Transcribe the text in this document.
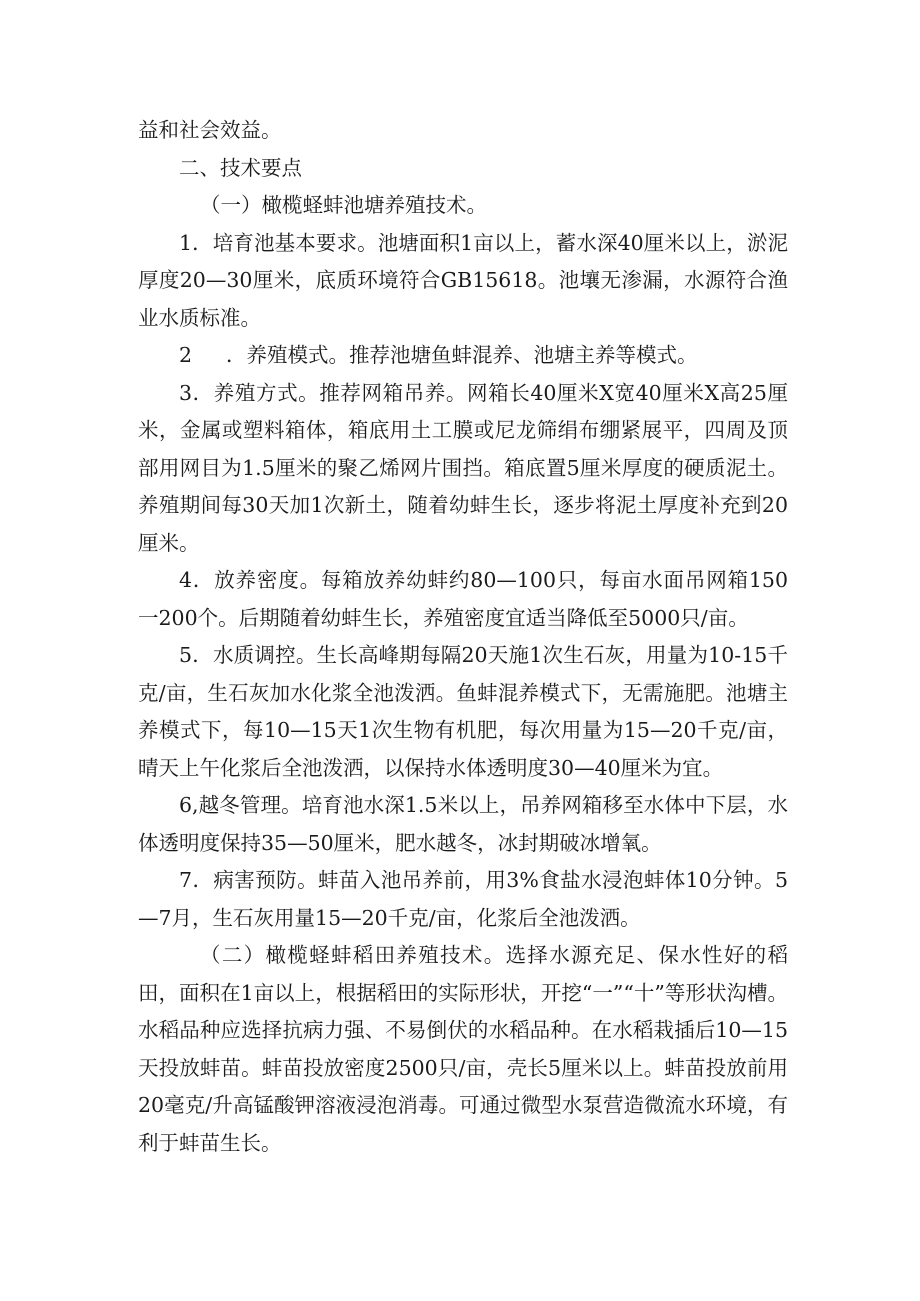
益和社会效益。

二、技术要点

（一）橄榄蛏蚌池塘养殖技术。

1．培育池基本要求。池塘面积1亩以上，蓄水深40厘米以上，淤泥厚度20—30厘米，底质环境符合GB15618。池壤无渗漏，水源符合渔业水质标准。

2 ．养殖模式。推荐池塘鱼蚌混养、池塘主养等模式。

3．养殖方式。推荐网箱吊养。网箱长40厘米X宽40厘米X高25厘米，金属或塑料箱体，箱底用土工膜或尼龙筛绢布绷紧展平，四周及顶部用网目为1.5厘米的聚乙烯网片围挡。箱底置5厘米厚度的硬质泥土。养殖期间每30天加1次新土，随着幼蚌生长，逐步将泥土厚度补充到20厘米。

4．放养密度。每箱放养幼蚌约80—100只，每亩水面吊网箱150一200个。后期随着幼蚌生长，养殖密度宜适当降低至5000只/亩。

5．水质调控。生长高峰期每隔20天施1次生石灰，用量为10-15千克/亩，生石灰加水化浆全池泼洒。鱼蚌混养模式下，无需施肥。池塘主养模式下，每10—15天1次生物有机肥，每次用量为15—20千克/亩，晴天上午化浆后全池泼洒，以保持水体透明度30—40厘米为宜。

6,越冬管理。培育池水深1.5米以上，吊养网箱移至水体中下层，水体透明度保持35—50厘米，肥水越冬，冰封期破冰增氧。

7．病害预防。蚌苗入池吊养前，用3%食盐水浸泡蚌体10分钟。5—7月，生石灰用量15—20千克/亩，化浆后全池泼洒。

（二）橄榄蛏蚌稻田养殖技术。选择水源充足、保水性好的稻田，面积在1亩以上，根据稻田的实际形状，开挖“一”“十”等形状沟槽。水稻品种应选择抗病力强、不易倒伏的水稻品种。在水稻栽插后10—15天投放蚌苗。蚌苗投放密度2500只/亩，壳长5厘米以上。蚌苗投放前用20毫克/升高锰酸钾溶液浸泡消毒。可通过微型水泵营造微流水环境，有利于蚌苗生长。
